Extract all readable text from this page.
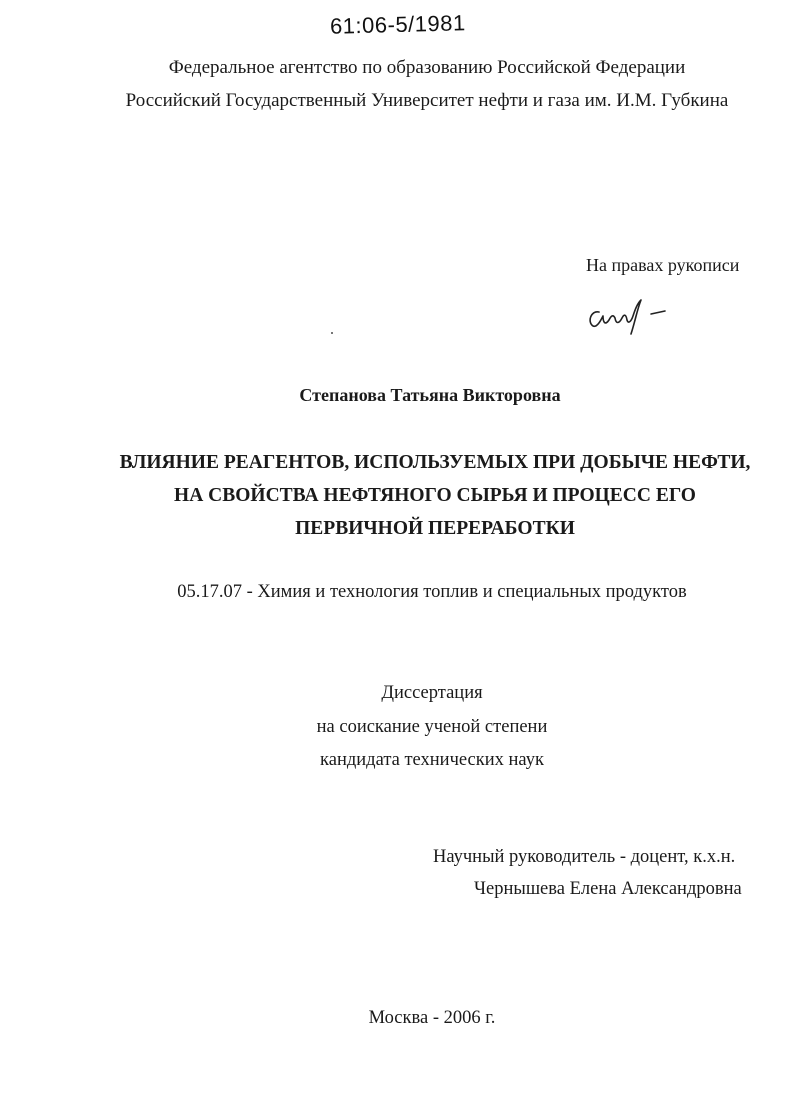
61:06-5/1981
Федеральное агентство по образованию Российской Федерации
Российский Государственный Университет нефти и газа им. И.М. Губкина
На правах рукописи
Степанова Татьяна Викторовна
ВЛИЯНИЕ РЕАГЕНТОВ, ИСПОЛЬЗУЕМЫХ ПРИ ДОБЫЧЕ НЕФТИ,
НА СВОЙСТВА НЕФТЯНОГО СЫРЬЯ И ПРОЦЕСС ЕГО
ПЕРВИЧНОЙ ПЕРЕРАБОТКИ
05.17.07 - Химия и технология топлив и специальных продуктов
Диссертация
на соискание ученой степени
кандидата технических наук
Научный руководитель - доцент, к.х.н.
Чернышева Елена Александровна
Москва - 2006 г.
